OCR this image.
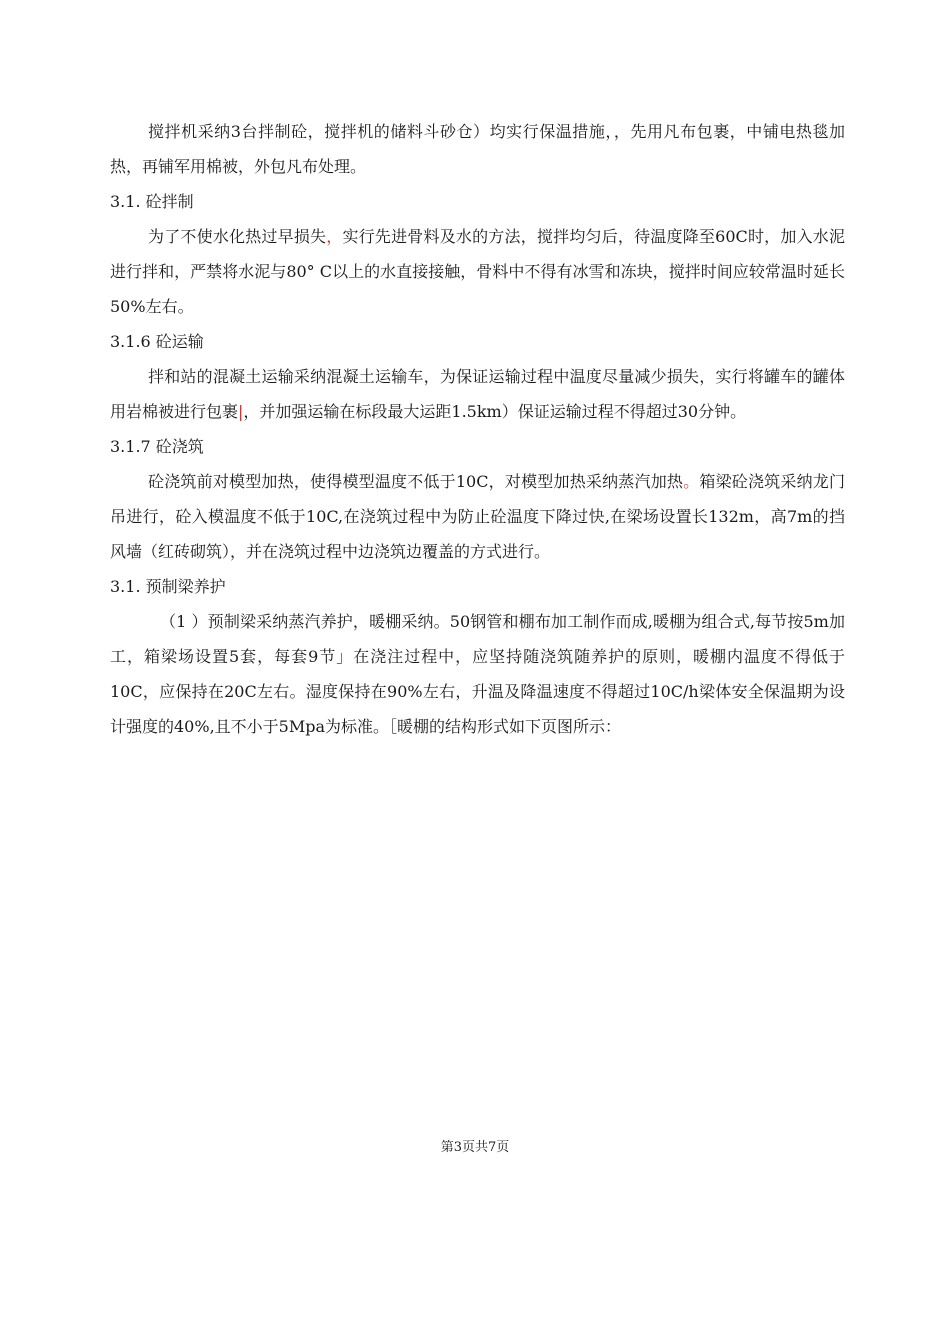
搅拌机采纳3台拌制砼，搅拌机的储料斗砂仓）均实行保温措施，，先用凡布包裹，中铺电热毯加热，再铺军用棉被，外包凡布处理。

3.1. 砼拌制

为了不使水化热过早损失，实行先进骨料及水的方法，搅拌均匀后，待温度降至60C时，加入水泥进行拌和，严禁将水泥与80° C以上的水直接接触，骨料中不得有冰雪和冻块，搅拌时间应较常温时延长50%左右。

3.1.6 砼运输

拌和站的混凝土运输采纳混凝土运输车，为保证运输过程中温度尽量减少损失，实行将罐车的罐体用岩棉被进行包裹|，并加强运输在标段最大运距1.5km）保证运输过程不得超过30分钟。

3.1.7 砼浇筑

砼浇筑前对模型加热，使得模型温度不低于10C，对模型加热采纳蒸汽加热。箱梁砼浇筑采纳龙门吊进行，砼入模温度不低于10C,在浇筑过程中为防止砼温度下降过快,在梁场设置长132m，高7m的挡风墙（红砖砌筑），并在浇筑过程中边浇筑边覆盖的方式进行。

3.1. 预制梁养护

（1 ）预制梁采纳蒸汽养护，暖棚采纳。50钢管和棚布加工制作而成,暖棚为组合式,每节按5m加工，箱梁场设置5套，每套9节」在浇注过程中，应坚持随浇筑随养护的原则，暖棚内温度不得低于10C，应保持在20C左右。湿度保持在90%左右，升温及降温速度不得超过10C/h梁体安全保温期为设计强度的40%,且不小于5Mpa为标准。［暖棚的结构形式如下页图所示：

第3页共7页
